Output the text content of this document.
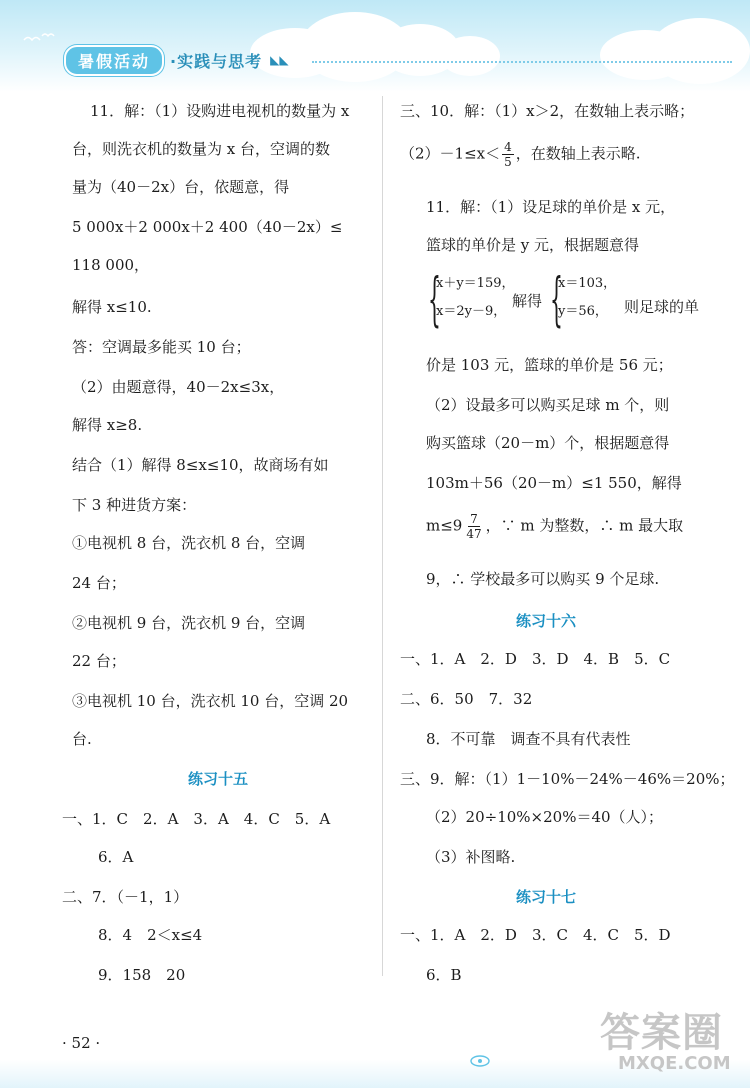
暑假活动	·实践与思考 ◣◣
11．解：（1）设购进电视机的数量为 x
台，则洗衣机的数量为 x 台，空调的数
量为（40－2x）台，依题意，得
5 000x＋2 000x＋2 400（40－2x）≤
118 000，
解得 x≤10.
答：空调最多能买 10 台；
（2）由题意得，40－2x≤3x，
解得 x≥8.
结合（1）解得 8≤x≤10，故商场有如
下 3 种进货方案：
①电视机 8 台，洗衣机 8 台，空调
24 台；
②电视机 9 台，洗衣机 9 台，空调
22 台；
③电视机 10 台，洗衣机 10 台，空调 20
台.
练习十五
一、1．C　2．A　3．A　4．C　5．A
6．A
二、7．（－1，1）
8．4　2＜x≤4
9．158　20
三、10．解：（1）x＞2，在数轴上表示略；
$(2)-1\le x< \frac{4}{5}$ ，在数轴上表示略.
11．解：（1）设足球的单价是 x 元，
篮球的单价是 y 元，根据题意得
{
x＋y＝159，
x＝2y－9，
解得 {
x＝103，
y＝56，	则足球的单
价是 103 元，篮球的单价是 56 元；
（2）设最多可以购买足球 m 个，则
购买篮球（20－m）个，根据题意得
103m＋56（20－m）≤1 550，解得
$m\le 9 \frac{7}{47}$ ，∵ m 为整数，∴ m 最大取
9，∴ 学校最多可以购买 9 个足球.
练习十六
一、1．A　2．D　3．D　4．B　5．C
二、6．50　7．32
8．不可靠　调查不具有代表性
三、9．解：（1）1－10%－24%－46%＝20%；
（2）20÷10%×20%＝40（人）；
（3）补图略.
练习十七
一、1．A　2．D　3．C　4．C　5．D
6．B
· 52 ·	答案圈
MXQE.COM
